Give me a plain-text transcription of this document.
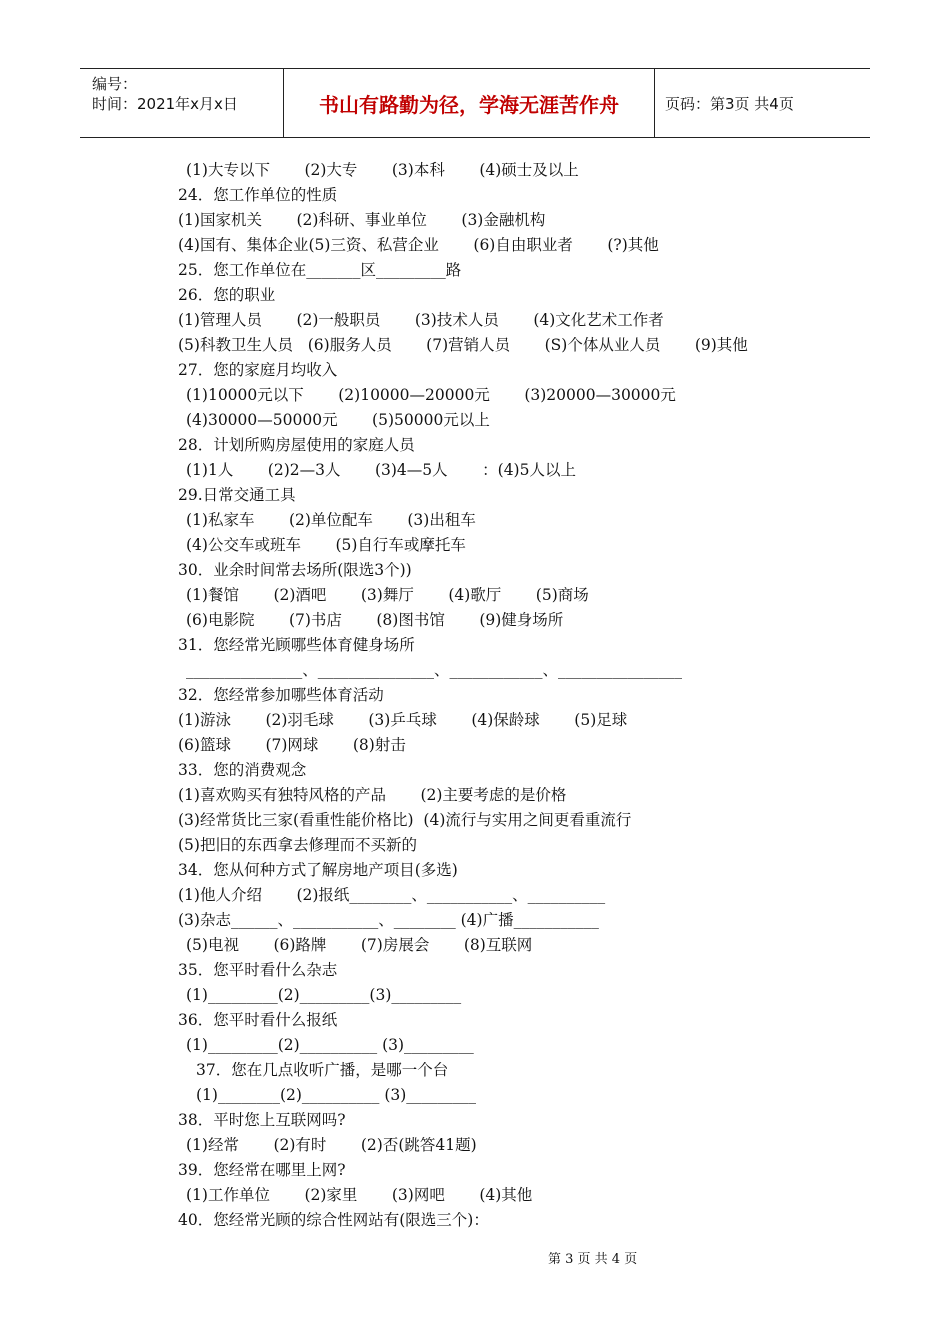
编号：
时间：2021年x月x日	书山有路勤为径，学海无涯苦作舟	页码：第3页 共4页
(1)大专以下       (2)大专       (3)本科       (4)硕士及以上
24．您工作单位的性质
(1)国家机关       (2)科研、事业单位       (3)金融机构
(4)国有、集体企业(5)三资、私营企业       (6)自由职业者       (?)其他
25．您工作单位在_______区_________路
26．您的职业
(1)管理人员       (2)一般职员       (3)技术人员       (4)文化艺术工作者
(5)科教卫生人员   (6)服务人员       (7)营销人员       (S)个体从业人员       (9)其他
27．您的家庭月均收入
(1)10000元以下       (2)10000—20000元       (3)20000—30000元
(4)30000—50000元       (5)50000元以上
28．计划所购房屋使用的家庭人员
(1)1人       (2)2—3人       (3)4—5人       ：(4)5人以上
29.日常交通工具
(1)私家车       (2)单位配车       (3)出租车
(4)公交车或班车       (5)自行车或摩托车
30．业余时间常去场所(限选3个))
(1)餐馆       (2)酒吧       (3)舞厅       (4)歌厅       (5)商场
(6)电影院       (7)书店       (8)图书馆       (9)健身场所
31．您经常光顾哪些体育健身场所
_______________、_______________、____________、________________
32．您经常参加哪些体育活动
(1)游泳       (2)羽毛球       (3)乒乓球       (4)保龄球       (5)足球
(6)篮球       (7)网球       (8)射击
33．您的消费观念
(1)喜欢购买有独特风格的产品       (2)主要考虑的是价格
(3)经常货比三家(看重性能价格比)  (4)流行与实用之间更看重流行
(5)把旧的东西拿去修理而不买新的
34．您从何种方式了解房地产项目(多选)
(1)他人介绍       (2)报纸________、___________、__________
(3)杂志______、___________、________ (4)广播___________
(5)电视       (6)路牌       (7)房展会       (8)互联网
35．您平时看什么杂志
(1)_________(2)_________(3)_________
36．您平时看什么报纸
(1)_________(2)__________ (3)_________
37．您在几点收听广播，是哪一个台
(1)________(2)__________ (3)_________
38．平时您上互联网吗?
(1)经常       (2)有时       (2)否(跳答41题)
39．您经常在哪里上网?
(1)工作单位       (2)家里       (3)网吧       (4)其他
40．您经常光顾的综合性网站有(限选三个)：
第 3 页 共 4 页
